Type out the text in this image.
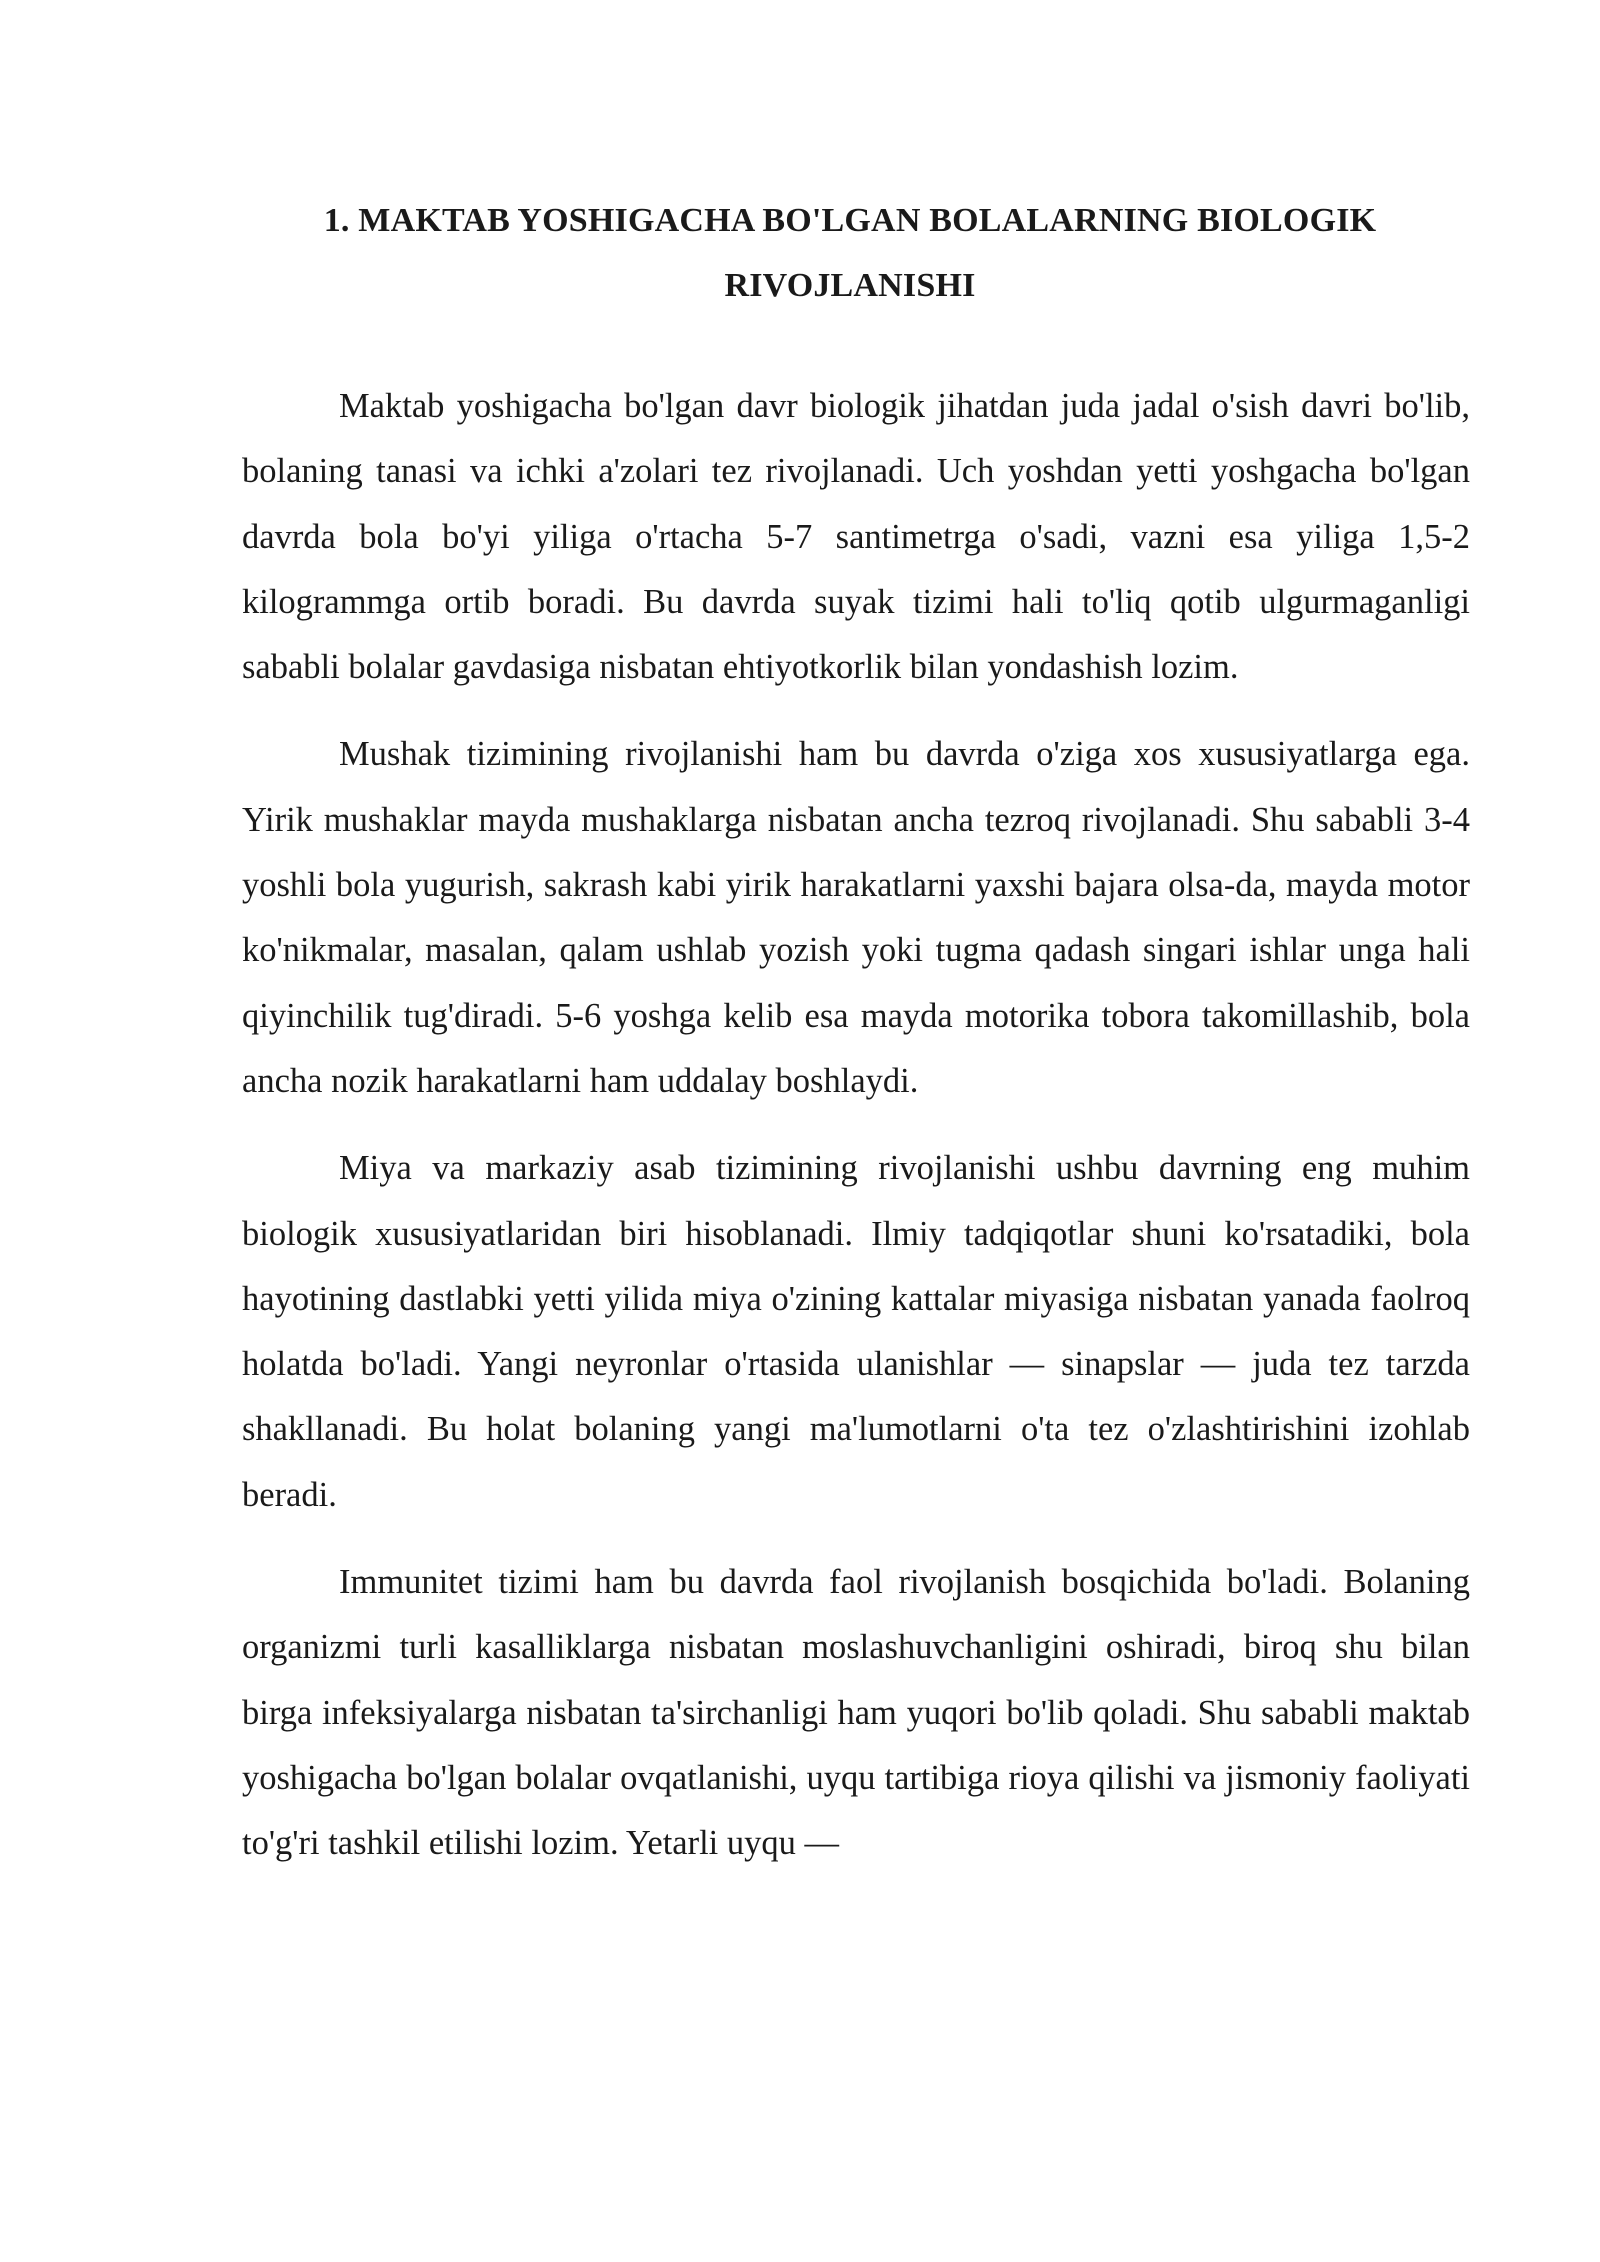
1. MAKTAB YOSHIGACHA BO'LGAN BOLALARNING BIOLOGIK
RIVOJLANISHI

Maktab yoshigacha bo'lgan davr biologik jihatdan juda jadal o'sish davri bo'lib, bolaning tanasi va ichki a'zolari tez rivojlanadi. Uch yoshdan yetti yoshgacha bo'lgan davrda bola bo'yi yiliga o'rtacha 5-7 santimetrga o'sadi, vazni esa yiliga 1,5-2 kilogrammga ortib boradi. Bu davrda suyak tizimi hali to'liq qotib ulgurmaganligi sababli bolalar gavdasiga nisbatan ehtiyotkorlik bilan yondashish lozim.

Mushak tizimining rivojlanishi ham bu davrda o'ziga xos xususiyatlarga ega. Yirik mushaklar mayda mushaklarga nisbatan ancha tezroq rivojlanadi. Shu sababli 3-4 yoshli bola yugurish, sakrash kabi yirik harakatlarni yaxshi bajara olsa-da, mayda motor ko'nikmalar, masalan, qalam ushlab yozish yoki tugma qadash singari ishlar unga hali qiyinchilik tug'diradi. 5-6 yoshga kelib esa mayda motorika tobora takomillashib, bola ancha nozik harakatlarni ham uddalay boshlaydi.

Miya va markaziy asab tizimining rivojlanishi ushbu davrning eng muhim biologik xususiyatlaridan biri hisoblanadi. Ilmiy tadqiqotlar shuni ko'rsatadiki, bola hayotining dastlabki yetti yilida miya o'zining kattalar miyasiga nisbatan yanada faolroq holatda bo'ladi. Yangi neyronlar o'rtasida ulanishlar — sinapslar — juda tez tarzda shakllanadi. Bu holat bolaning yangi ma'lumotlarni o'ta tez o'zlashtirishini izohlab beradi.

Immunitet tizimi ham bu davrda faol rivojlanish bosqichida bo'ladi. Bolaning organizmi turli kasalliklarga nisbatan moslashuvchanligini oshiradi, biroq shu bilan birga infeksiyalarga nisbatan ta'sirchanligi ham yuqori bo'lib qoladi. Shu sababli maktab yoshigacha bo'lgan bolalar ovqatlanishi, uyqu tartibiga rioya qilishi va jismoniy faoliyati to'g'ri tashkil etilishi lozim. Yetarli uyqu —
